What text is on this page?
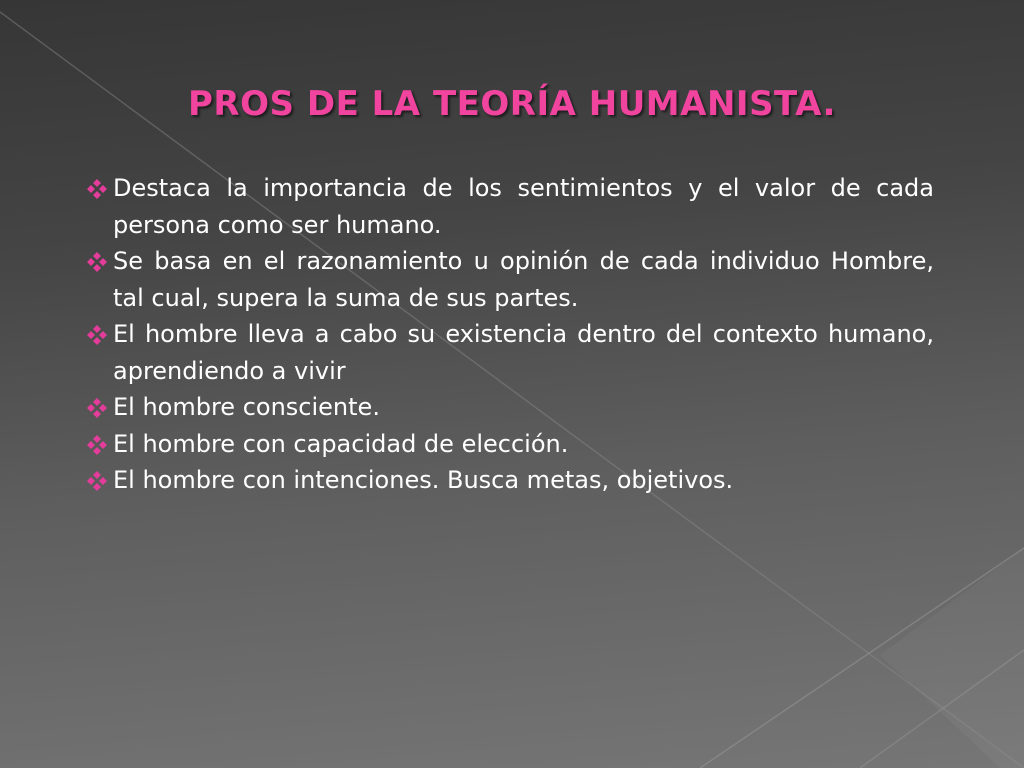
PROS DE LA TEORÍA HUMANISTA.
Destaca la importancia de los sentimientos y el valor de cada persona como ser humano.
Se basa en el razonamiento u opinión de cada individuo Hombre, tal cual, supera la suma de sus partes.
El hombre lleva a cabo su existencia dentro del contexto humano, aprendiendo a vivir
El hombre consciente.
El hombre con capacidad de elección.
El hombre con intenciones. Busca metas, objetivos.
